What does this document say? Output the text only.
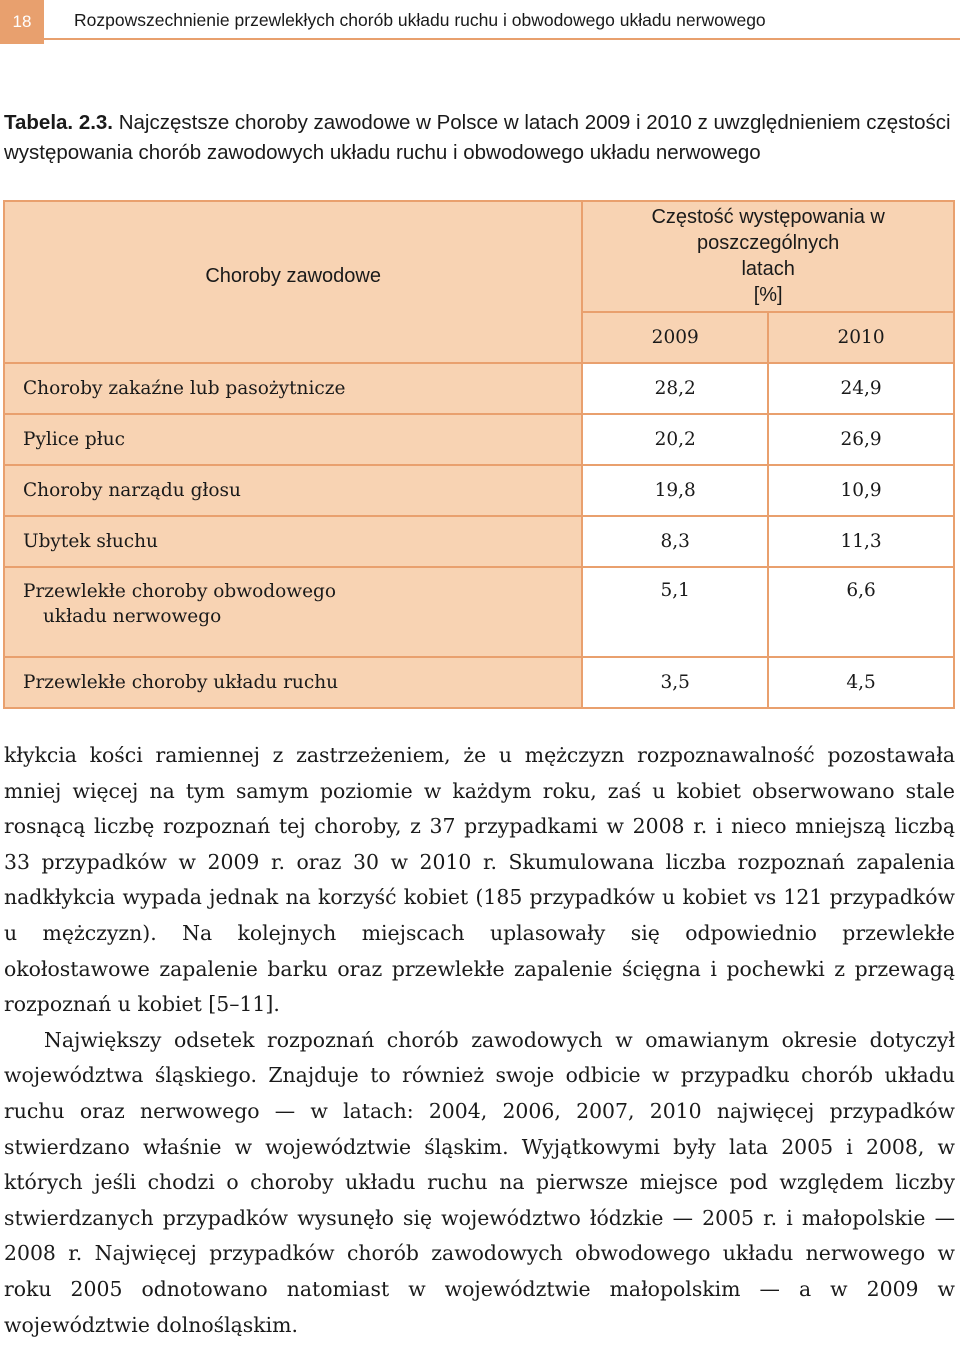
18	Rozpowszechnienie przewlekłych chorób układu ruchu i obwodowego układu nerwowego
Tabela. 2.3. Najczęstsze choroby zawodowe w Polsce w latach 2009 i 2010 z uwzględnieniem częstości występowania chorób zawodowych układu ruchu i obwodowego układu nerwowego
Choroby zawodowe	Częstość występowania w poszczególnych
latach
[%]	
	2009	2010
Choroby zakaźne lub pasożytnicze	28,2	24,9
Pylice płuc	20,2	26,9
Choroby narządu głosu	19,8	10,9
Ubytek słuchu	8,3	11,3
Przewlekłe choroby obwodowego
układu nerwowego	5,1	6,6
Przewlekłe choroby układu ruchu	3,5	4,5

kłykcia kości ramiennej z zastrzeżeniem, że u mężczyzn rozpoznawalność pozostawała mniej więcej na tym samym poziomie w każdym roku, zaś u kobiet obserwowano stale rosnącą liczbę rozpoznań tej choroby, z 37 przypadkami w 2008 r. i nieco mniejszą liczbą 33 przypadków w 2009 r. oraz 30 w 2010 r. Skumulowana liczba rozpoznań zapalenia nadkłykcia wypada jednak na korzyść kobiet (185 przypadków u kobiet vs 121 przypadków u mężczyzn). Na kolejnych miejscach uplasowały się odpowiednio przewlekłe okołostawowe zapalenie barku oraz przewlekłe zapalenie ścięgna i pochewki z przewagą rozpoznań u kobiet [5–11].

Największy odsetek rozpoznań chorób zawodowych w omawianym okresie dotyczył województwa śląskiego. Znajduje to również swoje odbicie w przypadku chorób układu ruchu oraz nerwowego — w latach: 2004, 2006, 2007, 2010 najwięcej przypadków stwierdzano właśnie w województwie śląskim. Wyjątkowymi były lata 2005 i 2008, w których jeśli chodzi o choroby układu ruchu na pierwsze miejsce pod względem liczby stwierdzanych przypadków wysunęło się województwo łódzkie — 2005 r. i małopolskie — 2008 r. Najwięcej przypadków chorób zawodowych obwodowego układu nerwowego w roku 2005 odnotowano natomiast w województwie małopolskim — a w 2009 w województwie dolnośląskim.
